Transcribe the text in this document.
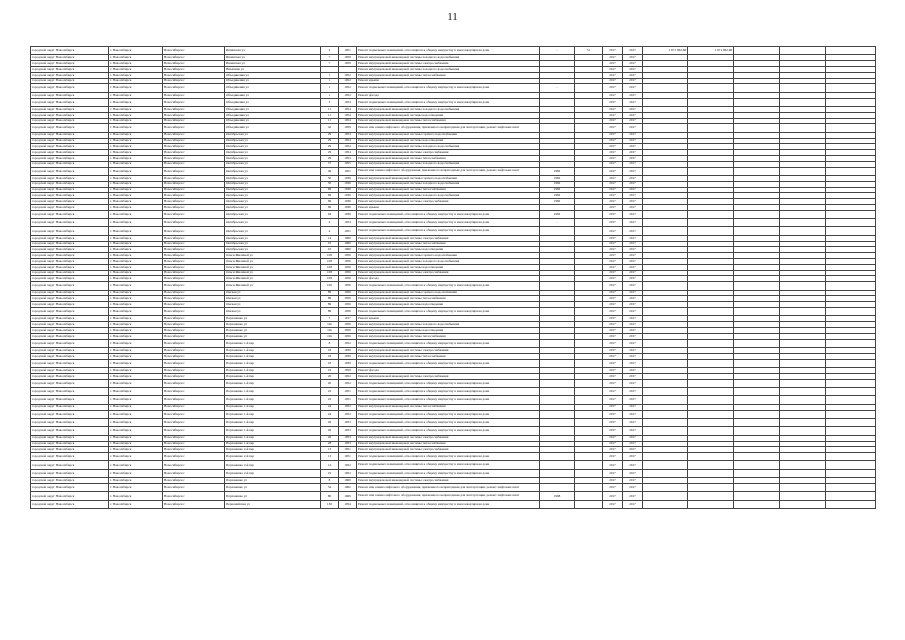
11
городской округ Новосибирск	г. Новосибирск	Новосибирск г	Ишимская ул	2	1951	Ремонт подвальных помещений, относящихся к общему имуществу в многоквартирном доме	-	51	2017	2017	1 671 962,68	1 671 962,68			
городской округ Новосибирск	г. Новосибирск	Новосибирск г	Ишимская ул	7	1959	Ремонт внутридомовой инженерной системы холодного водоснабжения			2017	2017					
городской округ Новосибирск	г. Новосибирск	Новосибирск г	Ишимская ул	7	1959	Ремонт внутридомовой инженерной системы электроснабжения			2017	2017					
городской округ Новосибирск	г. Новосибирск	Новосибирск г	Никитина ул			Ремонт внутридомовой инженерной системы холодного водоснабжения			2017	2017					
городской округ Новосибирск	г. Новосибирск	Новосибирск г	Объединения ул	1	1952	Ремонт внутридомовой инженерной системы теплоснабжения			2017	2017					
городской округ Новосибирск	г. Новосибирск	Новосибирск г	Объединения ул	1	1952	Ремонт крыши			2017	2017					
городской округ Новосибирск	г. Новосибирск	Новосибирск г	Объединения ул	1	1952	Ремонт подвальных помещений, относящихся к общему имуществу в многоквартирном доме	-		2017	2017					
городской округ Новосибирск	г. Новосибирск	Новосибирск г	Объединения ул	1	1952	Ремонт фасада			2017	2017					
городской округ Новосибирск	г. Новосибирск	Новосибирск г	Объединения ул	3	1954	Ремонт подвальных помещений, относящихся к общему имуществу в многоквартирном доме			2017	2017					
городской округ Новосибирск	г. Новосибирск	Новосибирск г	Объединения ул	11	1954	Ремонт внутридомовой инженерной системы холодного водоснабжения			2017	2017					
городской округ Новосибирск	г. Новосибирск	Новосибирск г	Объединения ул	11	1954	Ремонт внутридомовой инженерной системы водоотведения			2017	2017					
городской округ Новосибирск	г. Новосибирск	Новосибирск г	Объединения ул	11	1954	Ремонт внутридомовой инженерной системы теплоснабжения			2017	2017					
городской округ Новосибирск	г. Новосибирск	Новосибирск г	Объединения ул	42	1959	Ремонт или замена лифтового оборудования, признанного непригодным для эксплуатации, ремонт лифтовых шахт			2017	2017					
городской округ Новосибирск	г. Новосибирск	Новосибирск г	Октябрьская ул	29	1954	Ремонт внутридомовой инженерной системы горячего водоснабжения			2017	2017					
городской округ Новосибирск	г. Новосибирск	Новосибирск г	Октябрьская ул	29	1954	Ремонт внутридомовой инженерной системы водоотведения			2017	2017					
городской округ Новосибирск	г. Новосибирск	Новосибирск г	Октябрьская ул	29	1954	Ремонт внутридомовой инженерной системы холодного водоснабжения			2017	2017					
городской округ Новосибирск	г. Новосибирск	Новосибирск г	Октябрьская ул	29	1954	Ремонт внутридомовой инженерной системы электроснабжения			2017	2017					
городской округ Новосибирск	г. Новосибирск	Новосибирск г	Октябрьская ул	29	1954	Ремонт внутридомовой инженерной системы теплоснабжения			2017	2017					
городской округ Новосибирск	г. Новосибирск	Новосибирск г	Октябрьская ул	57	1955	Ремонт внутридомовой инженерной системы холодного водоснабжения			2017	2017					
городской округ Новосибирск	г. Новосибирск	Новосибирск г	Октябрьская ул	49	1951	Ремонт или замена лифтового оборудования, признанного непригодным для эксплуатации, ремонт лифтовых шахт	1982		2017	2017					
городской округ Новосибирск	г. Новосибирск	Новосибирск г	Октябрьская ул	50	1936	Ремонт внутридомовой инженерной системы горячего водоснабжения	1982		2017	2017					
городской округ Новосибирск	г. Новосибирск	Новосибирск г	Октябрьская ул	50	1936	Ремонт внутридомовой инженерной системы холодного водоснабжения	1982		2017	2017					
городской округ Новосибирск	г. Новосибирск	Новосибирск г	Октябрьская ул	69	1936	Ремонт внутридомовой инженерной системы теплоснабжения	1982		2017	2017					
городской округ Новосибирск	г. Новосибирск	Новосибирск г	Октябрьская ул	69	1936	Ремонт внутридомовой инженерной системы холодного водоснабжения	1982		2017	2017					
городской округ Новосибирск	г. Новосибирск	Новосибирск г	Октябрьская ул	69	1936	Ремонт внутридомовой инженерной системы электроснабжения	1982		2017	2017					
городской округ Новосибирск	г. Новосибирск	Новосибирск г	Октябрьская ул	69	1936	Ремонт крыши			2017	2017					
городской округ Новосибирск	г. Новосибирск	Новосибирск г	Октябрьская ул	64	1936	Ремонт подвальных помещений, относящихся к общему имуществу в многоквартирном доме	1982		2017	2017					
городской округ Новосибирск	г. Новосибирск	Новосибирск г	Октябрьская ул	4	1954	Ремонт подвальных помещений, относящихся к общему имуществу в многоквартирном доме	-		2017	2017					
городской округ Новосибирск	г. Новосибирск	Новосибирск г	Октябрьская ул	4	1951	Ремонт подвальных помещений, относящихся к общему имуществу в многоквартирном доме			2017	2017					
городской округ Новосибирск	г. Новосибирск	Новосибирск г	Октябрьская ул	14	1960	Ремонт внутридомовой инженерной системы электроснабжения			2017	2017					
городской округ Новосибирск	г. Новосибирск	Новосибирск г	Октябрьская ул	10	1960	Ремонт внутридомовой инженерной системы теплоснабжения			2017	2017					
городской округ Новосибирск	г. Новосибирск	Новосибирск г	Октябрьская ул	10	1960	Ремонт внутридомовой инженерной системы водоотведения			2017	2017					
городской округ Новосибирск	г. Новосибирск	Новосибирск г	Ольги Жилиной ул	108	1956	Ремонт внутридомовой инженерной системы горячего водоснабжения			2017	2017					
городской округ Новосибирск	г. Новосибирск	Новосибирск г	Ольги Жилиной ул	108	1956	Ремонт внутридомовой инженерной системы холодного водоснабжения			2017	2017					
городской округ Новосибирск	г. Новосибирск	Новосибирск г	Ольги Жилиной ул	108	1956	Ремонт внутридомовой инженерной системы водоотведения			2017	2017					
городской округ Новосибирск	г. Новосибирск	Новосибирск г	Ольги Жилиной ул	108	1956	Ремонт внутридомовой инженерной системы электроснабжения			2017	2017					
городской округ Новосибирск	г. Новосибирск	Новосибирск г	Ольги Жилиной ул	108	1956	Ремонт фасада			2017	2017					
городской округ Новосибирск	г. Новосибирск	Новосибирск г	Ольги Жилиной ул	106	1956	Ремонт подвальных помещений, относящихся к общему имуществу в многоквартирном доме			2017	2017					
городской округ Новосибирск	г. Новосибирск	Новосибирск г	Омская ул	89	1956	Ремонт внутридомовой инженерной системы горячего водоснабжения			2017	2017					
городской округ Новосибирск	г. Новосибирск	Новосибирск г	Омская ул	89	1956	Ремонт внутридомовой инженерной системы теплоснабжения			2017	2017					
городской округ Новосибирск	г. Новосибирск	Новосибирск г	Омская ул	89	1956	Ремонт внутридомовой инженерной системы водоотведения			2017	2017					
городской округ Новосибирск	г. Новосибирск	Новосибирск г	Омская ул	89	1956	Ремонт подвальных помещений, относящихся к общему имуществу в многоквартирном доме			2017	2017					
городской округ Новосибирск	г. Новосибирск	Новосибирск г	Пархоменко ул	7	1917	Ремонт крыши			2017	2017					
городской округ Новосибирск	г. Новосибирск	Новосибирск г	Пархоменко ул	10а	1956	Ремонт внутридомовой инженерной системы холодного водоснабжения			2017	2017					
городской округ Новосибирск	г. Новосибирск	Новосибирск г	Пархоменко ул	10а	1956	Ремонт внутридомовой инженерной системы водоотведения			2017	2017					
городской округ Новосибирск	г. Новосибирск	Новосибирск г	Пархоменко ул	10а	1956	Ремонт внутридомовой инженерной системы теплоснабжения			2017	2017					
городской округ Новосибирск	г. Новосибирск	Новосибирск г	Пархоменко 1-й пер	8	1952	Ремонт подвальных помещений, относящихся к общему имуществу в многоквартирном доме			2017	2017					
городской округ Новосибирск	г. Новосибирск	Новосибирск г	Пархоменко 1-й пер	18	1939	Ремонт внутридомовой инженерной системы электроснабжения			2017	2017					
городской округ Новосибирск	г. Новосибирск	Новосибирск г	Пархоменко 1-й пер	18	1939	Ремонт внутридомовой инженерной системы теплоснабжения			2017	2017					
городской округ Новосибирск	г. Новосибирск	Новосибирск г	Пархоменко 1-й пер	18	1939	Ремонт подвальных помещений, относящихся к общему имуществу в многоквартирном доме			2017	2017					
городской округ Новосибирск	г. Новосибирск	Новосибирск г	Пархоменко 1-й пер	19	1959	Ремонт фасада			2017	2017					
городской округ Новосибирск	г. Новосибирск	Новосибирск г	Пархоменко 1-й пер	20	1952	Ремонт внутридомовой инженерной системы электроснабжения			2017	2017					
городской округ Новосибирск	г. Новосибирск	Новосибирск г	Пархоменко 1-й пер	20	1952	Ремонт подвальных помещений, относящихся к общему имуществу в многоквартирном доме			2017	2017					
городской округ Новосибирск	г. Новосибирск	Новосибирск г	Пархоменко 1-й пер	22	1951	Ремонт подвальных помещений, относящихся к общему имуществу в многоквартирном доме			2017	2017					
городской округ Новосибирск	г. Новосибирск	Новосибирск г	Пархоменко 1-й пер	22	1951	Ремонт подвальных помещений, относящихся к общему имуществу в многоквартирном доме			2017	2017					
городской округ Новосибирск	г. Новосибирск	Новосибирск г	Пархоменко 1-й пер	24	1952	Ремонт внутридомовой инженерной системы теплоснабжения			2017	2017					
городской округ Новосибирск	г. Новосибирск	Новосибирск г	Пархоменко 1-й пер	24	1952	Ремонт подвальных помещений, относящихся к общему имуществу в многоквартирном доме			2017	2017					
городской округ Новосибирск	г. Новосибирск	Новосибирск г	Пархоменко 1-й пер	26	1953	Ремонт подвальных помещений, относящихся к общему имуществу в многоквартирном доме			2017	2017					
городской округ Новосибирск	г. Новосибирск	Новосибирск г	Пархоменко 1-й пер	26	1953	Ремонт подвальных помещений, относящихся к общему имуществу в многоквартирном доме			2017	2017					
городской округ Новосибирск	г. Новосибирск	Новосибирск г	Пархоменко 1-й пер	26	1953	Ремонт внутридомовой инженерной системы электроснабжения			2017	2017					
городской округ Новосибирск	г. Новосибирск	Новосибирск г	Пархоменко 1-й пер	28	1953	Ремонт внутридомовой инженерной системы теплоснабжения			2017	2017					
городской округ Новосибирск	г. Новосибирск	Новосибирск г	Пархоменко 2-й пер	13	1951	Ремонт внутридомовой инженерной системы электроснабжения			2017	2017					
городской округ Новосибирск	г. Новосибирск	Новосибирск г	Пархоменко 2-й пер	13	1951	Ремонт подвальных помещений, относящихся к общему имуществу в многоквартирном доме			2017	2017					
городской округ Новосибирск	г. Новосибирск	Новосибирск г	Пархоменко 2-й пер	14	1952	Ремонт подвальных помещений, относящихся к общему имуществу в многоквартирном доме			2017	2017					
городской округ Новосибирск	г. Новосибирск	Новосибирск г	Пархоменко 2-й пер	19	1952	Ремонт подвальных помещений, относящихся к общему имуществу в многоквартирном доме			2017	2017					
городской округ Новосибирск	г. Новосибирск	Новосибирск г	Пархоменко ул	8	1969	Ремонт внутридомовой инженерной системы электроснабжения			2017	2017					
городской округ Новосибирск	г. Новосибирск	Новосибирск г	Пархоменко ул	54	1962	Ремонт или замена лифтового оборудования, признанного непригодным для эксплуатации, ремонт лифтовых шахт			2017	2017					
городской округ Новосибирск	г. Новосибирск	Новосибирск г	Пархоменко ул	80	1969	Ремонт или замена лифтового оборудования, признанного непригодным для эксплуатации, ремонт лифтовых шахт	1968		2017	2017					
городской округ Новосибирск	г. Новосибирск	Новосибирск г	Первомайская ул	136	1954	Ремонт подвальных помещений, относящихся к общему имуществу в многоквартирном доме			2017	2017					
